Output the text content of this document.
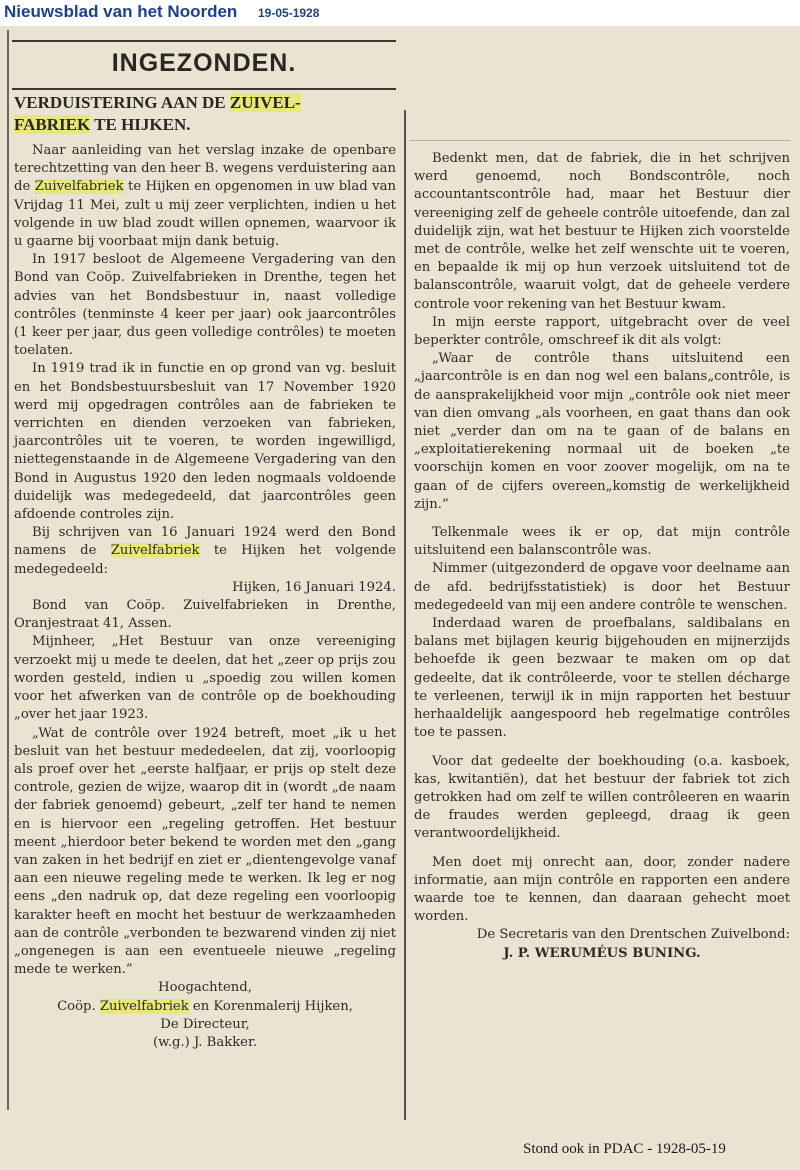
Nieuwsblad van het Noorden 19-05-1928
INGEZONDEN.
VERDUISTERING AAN DE ZUIVEL-
FABRIEK TE HIJKEN.

Naar aanleiding van het verslag inzake de openbare terechtzetting van den heer B. wegens verduistering aan de Zuivelfabriek te Hijken en opgenomen in uw blad van Vrijdag 11 Mei, zult u mij zeer verplichten, indien u het volgende in uw blad zoudt willen opnemen, waarvoor ik u gaarne bij voorbaat mijn dank betuig.

In 1917 besloot de Algemeene Vergadering van den Bond van Coöp. Zuivelfabrieken in Drenthe, tegen het advies van het Bondsbestuur in, naast volledige contrôles (tenminste 4 keer per jaar) ook jaarcontrôles (1 keer per jaar, dus geen volledige contrôles) te moeten toelaten.

In 1919 trad ik in functie en op grond van vg. besluit en het Bondsbestuursbesluit van 17 November 1920 werd mij opgedragen contrôles aan de fabrieken te verrichten en dienden verzoeken van fabrieken, jaarcontrôles uit te voeren, te worden ingewilligd, niettegenstaande in de Algemeene Vergadering van den Bond in Augustus 1920 den leden nogmaals voldoende duidelijk was medegedeeld, dat jaarcontrôles geen afdoende controles zijn.

Bij schrijven van 16 Januari 1924 werd den Bond namens de Zuivelfabriek te Hijken het volgende medegedeeld:

Hijken, 16 Januari 1924.

Bond van Coöp. Zuivelfabrieken in Drenthe, Oranjestraat 41, Assen.

Mijnheer, „Het Bestuur van onze vereeniging verzoekt mij u mede te deelen, dat het „zeer op prijs zou worden gesteld, indien u „spoedig zou willen komen voor het afwerken van de contrôle op de boekhouding „over het jaar 1923.

„Wat de contrôle over 1924 betreft, moet „ik u het besluit van het bestuur mededeelen, dat zij, voorloopig als proef over het „eerste halfjaar, er prijs op stelt deze controle, gezien de wijze, waarop dit in (wordt „de naam der fabriek genoemd) gebeurt, „zelf ter hand te nemen en is hiervoor een „regeling getroffen. Het bestuur meent „hierdoor beter bekend te worden met den „gang van zaken in het bedrijf en ziet er „dientengevolge vanaf aan een nieuwe regeling mede te werken. Ik leg er nog eens „den nadruk op, dat deze regeling een voorloopig karakter heeft en mocht het bestuur de werkzaamheden aan de contrôle „verbonden te bezwarend vinden zij niet „ongenegen is aan een eventueele nieuwe „regeling mede te werken.”

Hoogachtend,

Coöp. Zuivelfabriek en Korenmalerij Hijken,

De Directeur,

(w.g.) J. Bakker.

Bedenkt men, dat de fabriek, die in het schrijven werd genoemd, noch Bondscontrôle, noch accountantscontrôle had, maar het Bestuur dier vereeniging zelf de geheele contrôle uitoefende, dan zal duidelijk zijn, wat het bestuur te Hijken zich voorstelde met de contrôle, welke het zelf wenschte uit te voeren, en bepaalde ik mij op hun verzoek uitsluitend tot de balanscontrôle, waaruit volgt, dat de geheele verdere controle voor rekening van het Bestuur kwam.

In mijn eerste rapport, uitgebracht over de veel beperkter contrôle, omschreef ik dit als volgt:

„Waar de contrôle thans uitsluitend een „jaarcontrôle is en dan nog wel een balans„contrôle, is de aansprakelijkheid voor mijn „contrôle ook niet meer van dien omvang „als voorheen, en gaat thans dan ook niet „verder dan om na te gaan of de balans en „exploitatierekening normaal uit de boeken „te voorschijn komen en voor zoover mogelijk, om na te gaan of de cijfers overeen„komstig de werkelijkheid zijn.”

Telkenmale wees ik er op, dat mijn contrôle uitsluitend een balanscontrôle was.

Nimmer (uitgezonderd de opgave voor deelname aan de afd. bedrijfsstatistiek) is door het Bestuur medegedeeld van mij een andere contrôle te wenschen.

Inderdaad waren de proefbalans, saldibalans en balans met bijlagen keurig bijgehouden en mijnerzijds behoefde ik geen bezwaar te maken om op dat gedeelte, dat ik contrôleerde, voor te stellen décharge te verleenen, terwijl ik in mijn rapporten het bestuur herhaaldelijk aangespoord heb regelmatige contrôles toe te passen.

Voor dat gedeelte der boekhouding (o.a. kasboek, kas, kwitantiën), dat het bestuur der fabriek tot zich getrokken had om zelf te willen contrôleeren en waarin de fraudes werden gepleegd, draag ik geen verantwoordelijkheid.

Men doet mij onrecht aan, door, zonder nadere informatie, aan mijn contrôle en rapporten een andere waarde toe te kennen, dan daaraan gehecht moet worden.

De Secretaris van den Drentschen Zuivelbond:

J. P. WERUMÉUS BUNING.

Stond ook in PDAC - 1928-05-19
